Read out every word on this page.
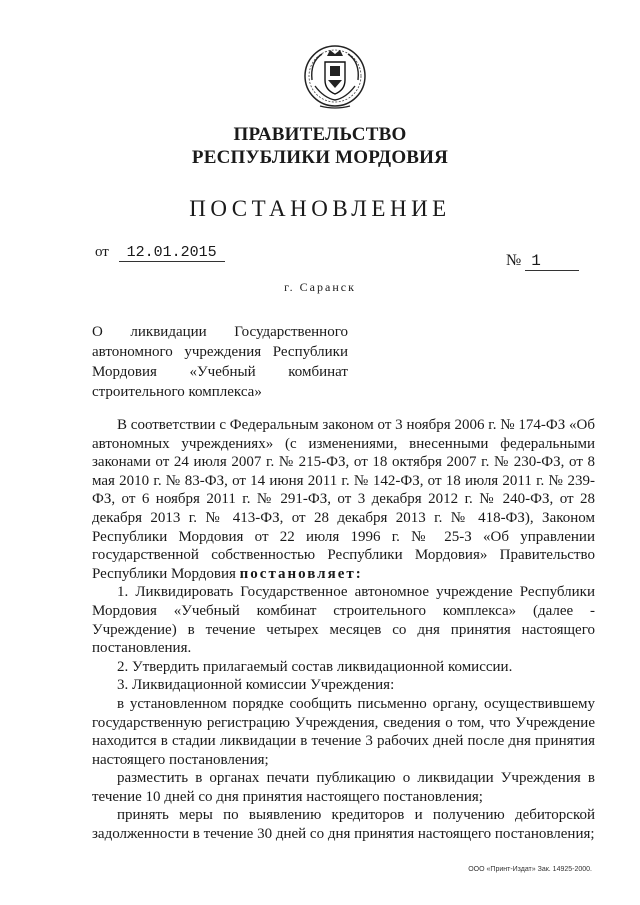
ПРАВИТЕЛЬСТВО
РЕСПУБЛИКИ МОРДОВИЯ
ПОСТАНОВЛЕНИЕ
от 12.01.2015	№ 1
г. Саранск
О ликвидации Государственного автономного учреждения Республики Мордовия «Учебный комбинат строительного комплекса»

В соответствии с Федеральным законом от 3 ноября 2006 г. № 174-ФЗ «Об автономных учреждениях» (с изменениями, внесенными федеральными законами от 24 июля 2007 г. № 215-ФЗ, от 18 октября 2007 г. № 230-ФЗ, от 8 мая 2010 г. № 83-ФЗ, от 14 июня 2011 г. № 142-ФЗ, от 18 июля 2011 г. № 239-ФЗ, от 6 ноября 2011 г. № 291-ФЗ, от 3 декабря 2012 г. № 240-ФЗ, от 28 декабря 2013 г. № 413-ФЗ, от 28 декабря 2013 г. № 418-ФЗ), Законом Республики Мордовия от 22 июля 1996 г. № 25-З «Об управлении государственной собственностью Республики Мордовия» Правительство Республики Мордовия постановляет:

1. Ликвидировать Государственное автономное учреждение Республики Мордовия «Учебный комбинат строительного комплекса» (далее - Учреждение) в течение четырех месяцев со дня принятия настоящего постановления.

2. Утвердить прилагаемый состав ликвидационной комиссии.

3. Ликвидационной комиссии Учреждения:

в установленном порядке сообщить письменно органу, осуществившему государственную регистрацию Учреждения, сведения о том, что Учреждение находится в стадии ликвидации в течение 3 рабочих дней после дня принятия настоящего постановления;

разместить в органах печати публикацию о ликвидации Учреждения в течение 10 дней со дня принятия настоящего постановления;

принять меры по выявлению кредиторов и получению дебиторской задолженности в течение 30 дней со дня принятия настоящего постановления;

ООО «Принт-Издат» Зак. 14925-2000.
